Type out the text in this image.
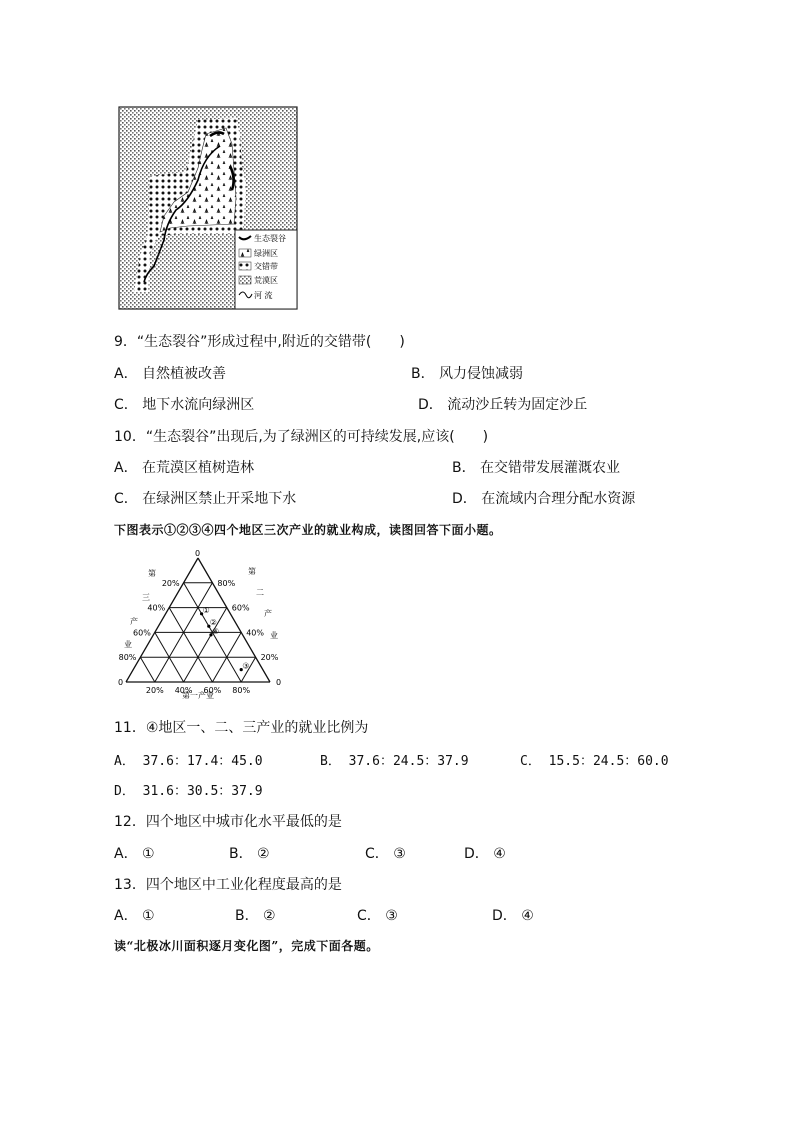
生态裂谷
绿洲区
交错带
荒漠区
河 流
9．“生态裂谷”形成过程中,附近的交错带(　　)
A． 自然植被改善	B． 风力侵蚀减弱
C． 地下水流向绿洲区	D． 流动沙丘转为固定沙丘
10．“生态裂谷”出现后,为了绿洲区的可持续发展,应该(　　)
A． 在荒漠区植树造林	B． 在交错带发展灌溉农业
C． 在绿洲区禁止开采地下水	D． 在流域内合理分配水资源
下图表示①②③④四个地区三次产业的就业构成，读图回答下面小题。
0
0	0
20%
40%
60%
80%
80%
60%
40%
20%
20% 40% 60% 80%
第
三
产
业
第
二
产
业
第一产业
①
②
④
③
11．④地区一、二、三产业的就业比例为
A． 37.6：17.4：45.0	B． 37.6：24.5：37.9	C． 15.5：24.5：60.0
D． 31.6：30.5：37.9
12．四个地区中城市化水平最低的是
A． ①	B． ②	C． ③	D． ④
13．四个地区中工业化程度最高的是
A． ①	B． ②	C． ③	D． ④
读“北极冰川面积逐月变化图”，完成下面各题。
